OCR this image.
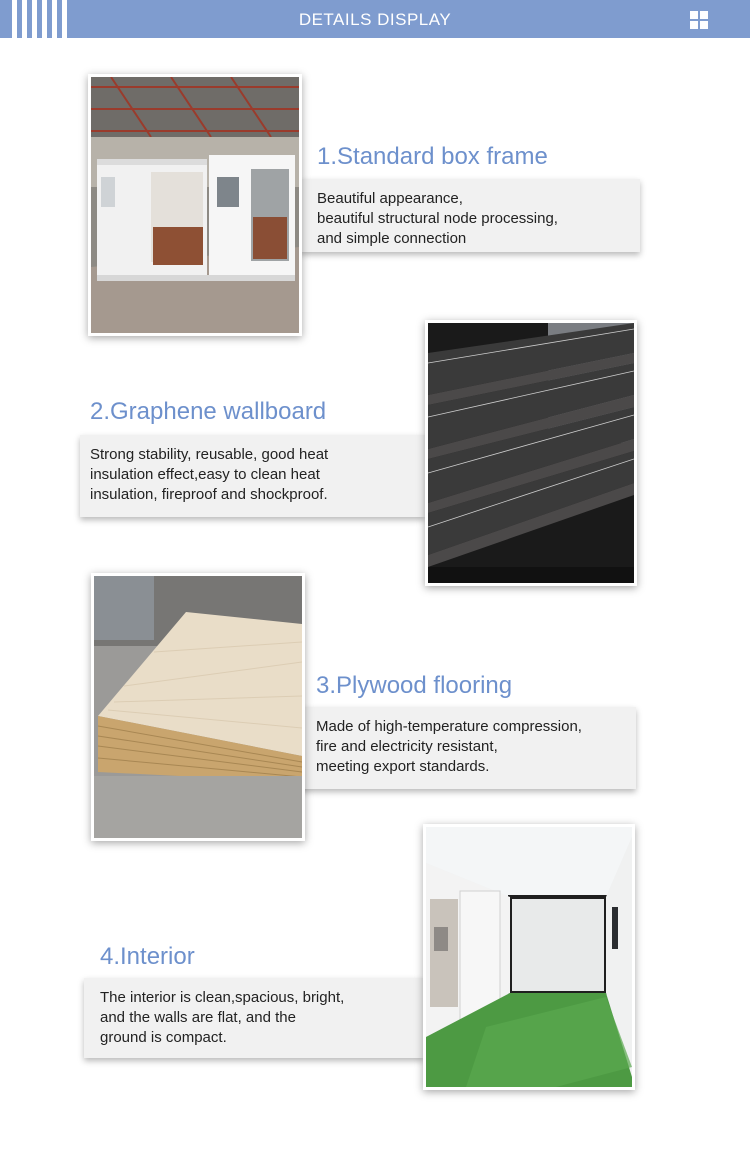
DETAILS DISPLAY
Beautiful appearance,
beautiful structural node processing,
and simple connection
1.Standard box frame
Strong stability, reusable, good heat
insulation effect,easy to clean heat
insulation, fireproof and shockproof.
2.Graphene wallboard
Made of high-temperature compression,
fire and electricity resistant,
meeting export standards.
3.Plywood flooring
The interior is clean,spacious, bright,
and the walls are flat, and the
ground is compact.
4.Interior
